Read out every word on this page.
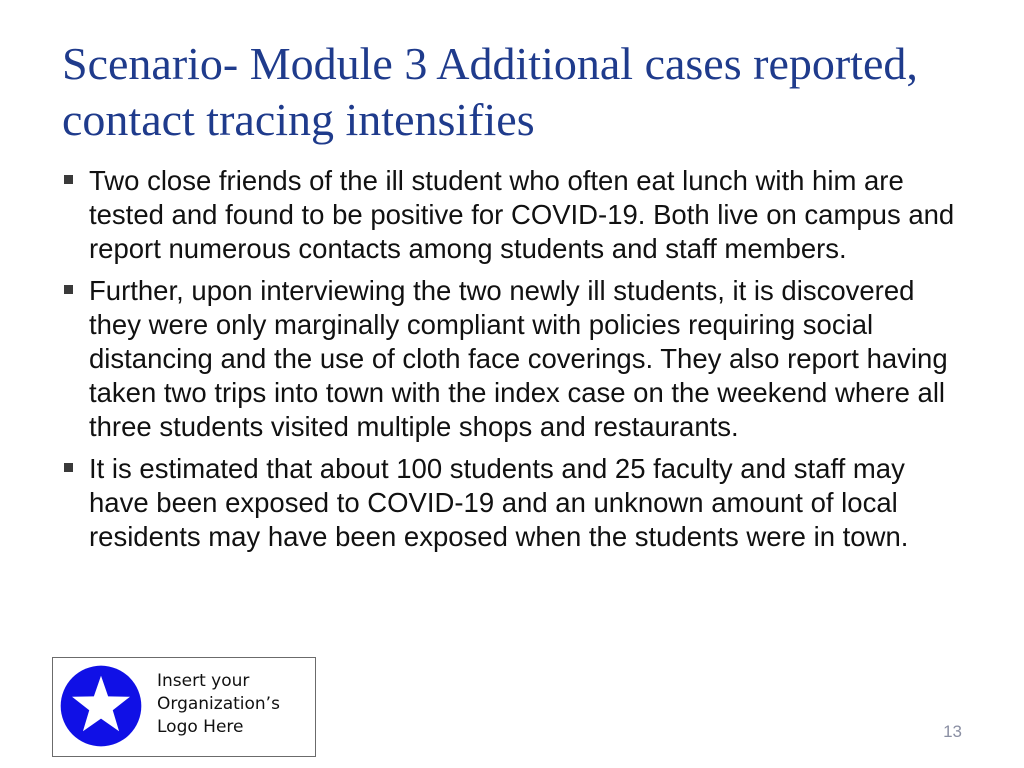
Scenario- Module 3 Additional cases reported, contact tracing intensifies
Two close friends of the ill student who often eat lunch with him are tested and found to be positive for COVID-19. Both live on campus and report numerous contacts among students and staff members.
Further, upon interviewing the two newly ill students, it is discovered they were only marginally compliant with policies requiring social distancing and the use of cloth face coverings. They also report having taken two trips into town with the index case on the weekend where all three students visited multiple shops and restaurants.
It is estimated that about 100 students and 25 faculty and staff may have been exposed to COVID-19 and an unknown amount of local residents may have been exposed when the students were in town.
Insert your
Organization’s
Logo Here	13
